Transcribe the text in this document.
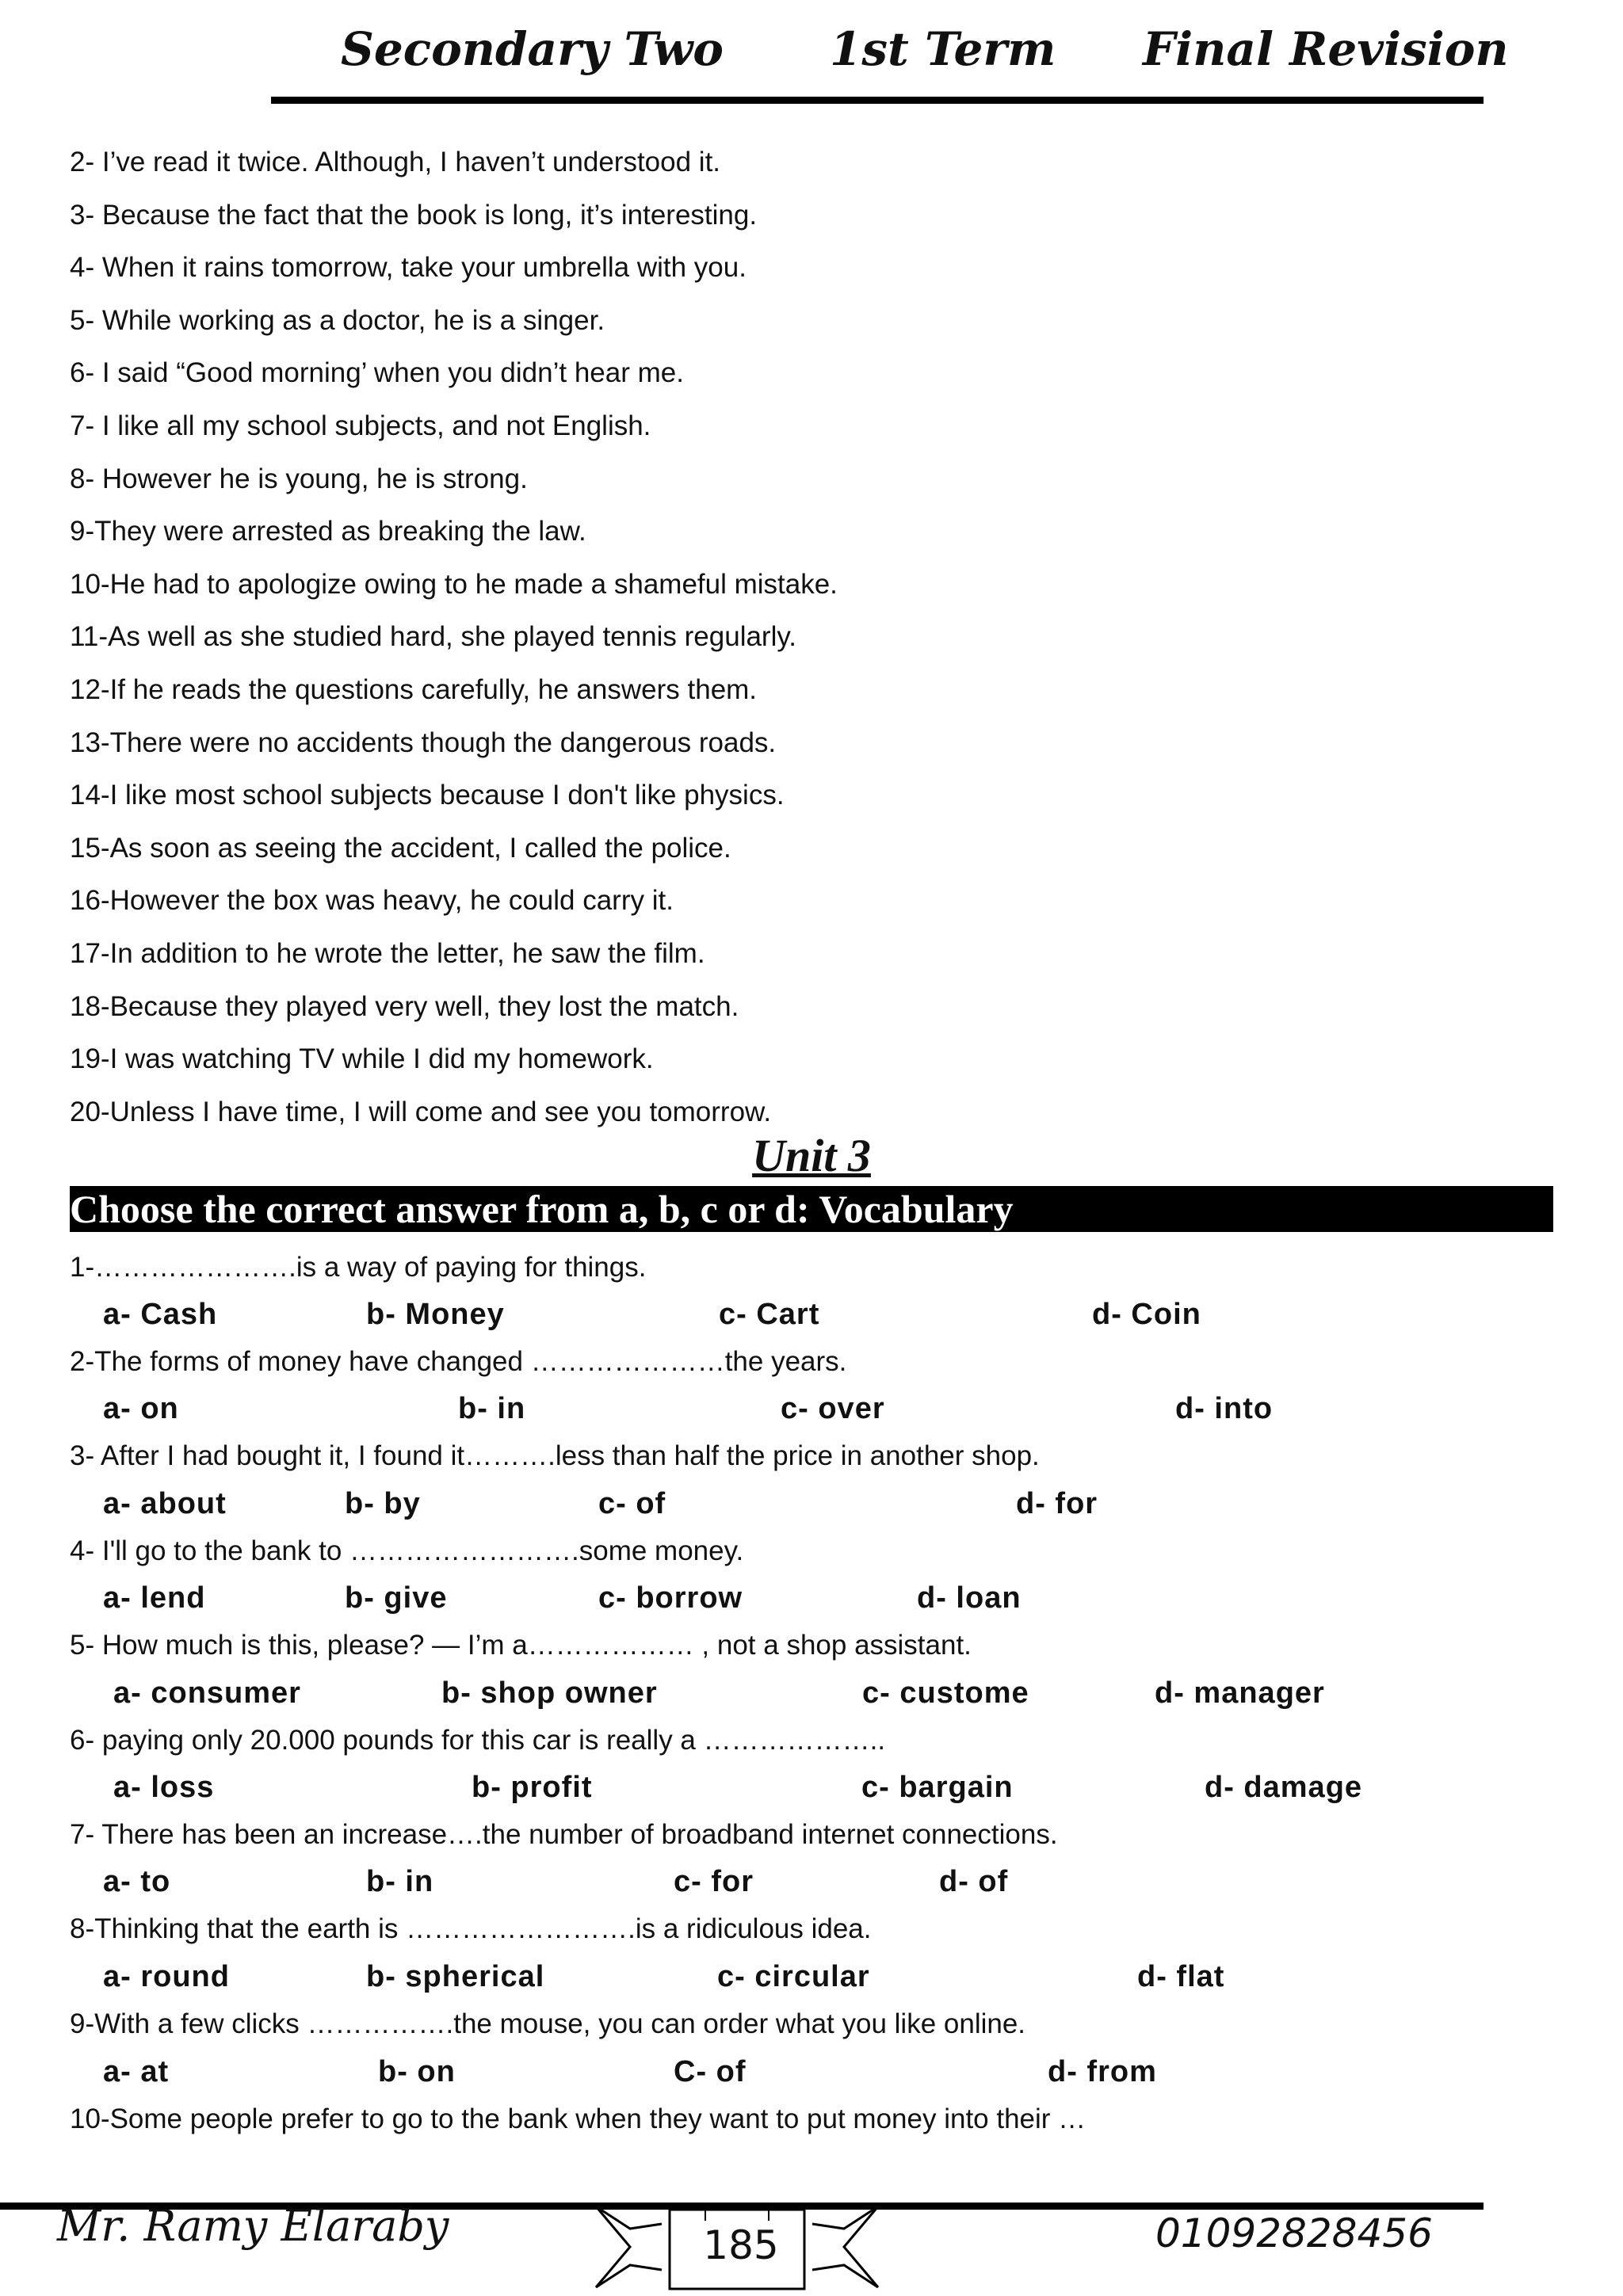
Secondary Two 1st Term Final Revision
2- I’ve read it twice. Although, I haven’t understood it.
3- Because the fact that the book is long, it’s interesting.
4- When it rains tomorrow, take your umbrella with you.
5- While working as a doctor, he is a singer.
6- I said “Good morning’ when you didn’t hear me.
7- I like all my school subjects, and not English.
8- However he is young, he is strong.
9-They were arrested as breaking the law.
10-He had to apologize owing to he made a shameful mistake.
11-As well as she studied hard, she played tennis regularly.
12-If he reads the questions carefully, he answers them.
13-There were no accidents though the dangerous roads.
14-I like most school subjects because I don't like physics.
15-As soon as seeing the accident, I called the police.
16-However the box was heavy, he could carry it.
17-In addition to he wrote the letter, he saw the film.
18-Because they played very well, they lost the match.
19-I was watching TV while I did my homework.
20-Unless I have time, I will come and see you tomorrow.
Unit 3
Choose the correct answer from a, b, c or d: Vocabulary
1-………………….is a way of paying for things.
a- Cash	b- Money	c- Cart	d- Coin
2-The forms of money have changed …………………the years.
a- on	b- in	c- over	d- into
3- After I had bought it, I found it……….less than half the price in another shop.
a- about	b- by	c- of	d- for
4- I'll go to the bank to …………………….some money.
a- lend	b- give	c- borrow	d- loan
5- How much is this, please? — I’m a……………… , not a shop assistant.
a- consumer	b- shop owner	c- custome	d- manager
6- paying only 20.000 pounds for this car is really a ………………..
a- loss	b- profit	c- bargain	d- damage
7- There has been an increase….the number of broadband internet connections.
a- to	b- in	c- for	d- of
8-Thinking that the earth is …………………….is a ridiculous idea.
a- round	b- spherical	c- circular	d- flat
9-With a few clicks …………….the mouse, you can order what you like online.
a- at	b- on	C- of	d- from
10-Some people prefer to go to the bank when they want to put money into their …
Mr. Ramy Elaraby	185	01092828456
